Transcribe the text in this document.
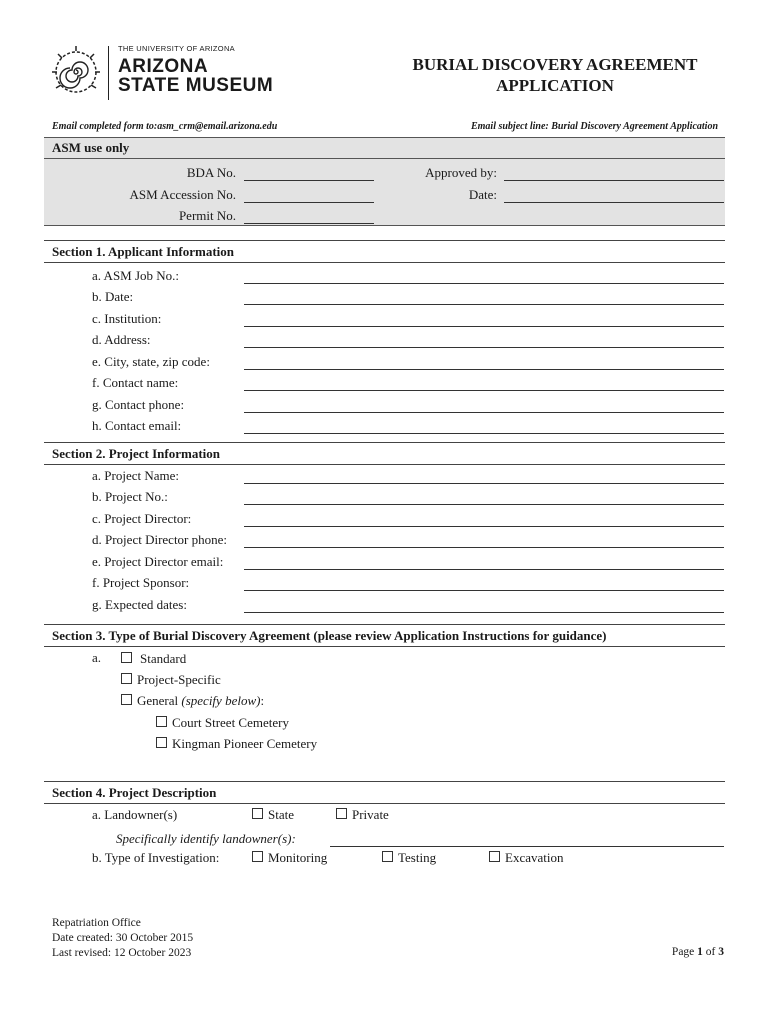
THE UNIVERSITY OF ARIZONA
ARIZONA
STATE MUSEUM
BURIAL DISCOVERY AGREEMENT
APPLICATION
Email completed form to:asm_crm@email.arizona.edu	Email subject line: Burial Discovery Agreement Application
ASM use only
BDA No.
ASM Accession No.
Permit No.
Approved by:
Date:
Section 1. Applicant Information
a. ASM Job No.:
b. Date:
c. Institution:
d. Address:
e. City, state, zip code:
f. Contact name:
g. Contact phone:
h. Contact email:
Section 2. Project Information
a. Project Name:
b. Project No.:
c. Project Director:
d. Project Director phone:
e. Project Director email:
f. Project Sponsor:
g. Expected dates:
Section 3. Type of Burial Discovery Agreement (please review Application Instructions for guidance)
a.	Standard
Project-Specific
General (specify below):
Court Street Cemetery
Kingman Pioneer Cemetery
Section 4. Project Description
a. Landowner(s)	State	Private
Specifically identify landowner(s):
b. Type of Investigation:	Monitoring	Testing	Excavation
Repatriation Office
Date created: 30 October 2015
Last revised: 12 October 2023	Page 1 of 3
